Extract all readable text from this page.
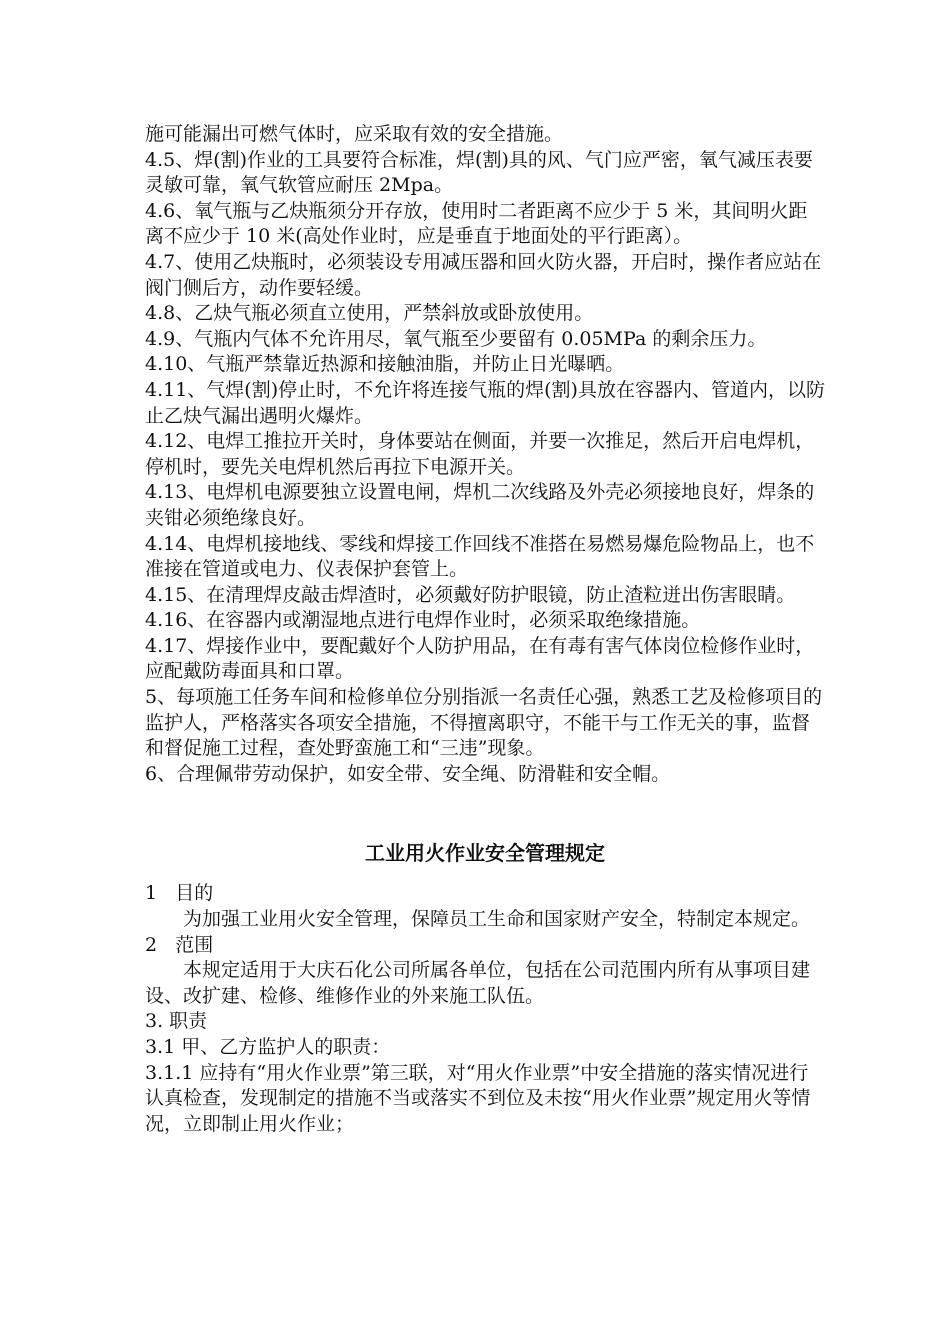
施可能漏出可燃气体时，应采取有效的安全措施。

4.5、焊(割)作业的工具要符合标准，焊(割)具的风、气门应严密，氧气减压表要灵敏可靠，氧气软管应耐压 2Mpa。

4.6、氧气瓶与乙炔瓶须分开存放，使用时二者距离不应少于 5 米，其间明火距离不应少于 10 米(高处作业时，应是垂直于地面处的平行距离）。

4.7、使用乙炔瓶时，必须装设专用减压器和回火防火器，开启时，操作者应站在阀门侧后方，动作要轻缓。

4.8、乙炔气瓶必须直立使用，严禁斜放或卧放使用。

4.9、气瓶内气体不允许用尽，氧气瓶至少要留有 0.05MPa 的剩余压力。

4.10、气瓶严禁靠近热源和接触油脂，并防止日光曝晒。

4.11、气焊(割)停止时，不允许将连接气瓶的焊(割)具放在容器内、管道内，以防止乙炔气漏出遇明火爆炸。

4.12、电焊工推拉开关时，身体要站在侧面，并要一次推足，然后开启电焊机，停机时，要先关电焊机然后再拉下电源开关。

4.13、电焊机电源要独立设置电闸，焊机二次线路及外壳必须接地良好，焊条的夹钳必须绝缘良好。

4.14、电焊机接地线、零线和焊接工作回线不准搭在易燃易爆危险物品上，也不准接在管道或电力、仪表保护套管上。

4.15、在清理焊皮敲击焊渣时，必须戴好防护眼镜，防止渣粒迸出伤害眼睛。

4.16、在容器内或潮湿地点进行电焊作业时，必须采取绝缘措施。

4.17、焊接作业中，要配戴好个人防护用品，在有毒有害气体岗位检修作业时，应配戴防毒面具和口罩。

5、每项施工任务车间和检修单位分别指派一名责任心强，熟悉工艺及检修项目的监护人，严格落实各项安全措施，不得擅离职守，不能干与工作无关的事，监督和督促施工过程，查处野蛮施工和“三违”现象。

6、合理佩带劳动保护，如安全带、安全绳、防滑鞋和安全帽。

工业用火作业安全管理规定

1   目的

为加强工业用火安全管理，保障员工生命和国家财产安全，特制定本规定。

2   范围

本规定适用于大庆石化公司所属各单位，包括在公司范围内所有从事项目建设、改扩建、检修、维修作业的外来施工队伍。

3. 职责

3.1 甲、乙方监护人的职责：

3.1.1 应持有“用火作业票”第三联，对“用火作业票”中安全措施的落实情况进行认真检查，发现制定的措施不当或落实不到位及未按“用火作业票”规定用火等情况，立即制止用火作业；
